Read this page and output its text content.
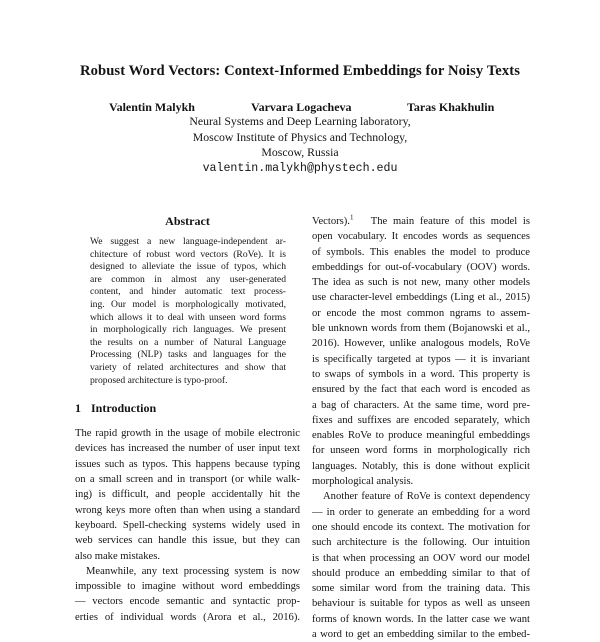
Robust Word Vectors: Context-Informed Embeddings for Noisy Texts
Valentin Malykh	Varvara Logacheva	Taras Khakhulin
Neural Systems and Deep Learning laboratory,
Moscow Institute of Physics and Technology,
Moscow, Russia
valentin.malykh@phystech.edu
Abstract
We suggest a new language-independent ar-
chitecture of robust word vectors (RoVe). It is
designed to alleviate the issue of typos, which
are common in almost any user-generated
content, and hinder automatic text process-
ing. Our model is morphologically motivated,
which allows it to deal with unseen word forms
in morphologically rich languages. We present
the results on a number of Natural Language
Processing (NLP) tasks and languages for the
variety of related architectures and show that
proposed architecture is typo-proof.
1 Introduction
The rapid growth in the usage of mobile electronic
devices has increased the number of user input text
issues such as typos. This happens because typing
on a small screen and in transport (or while walk-
ing) is difficult, and people accidentally hit the
wrong keys more often than when using a standard
keyboard. Spell-checking systems widely used in
web services can handle this issue, but they can
also make mistakes.
Meanwhile, any text processing system is now
impossible to imagine without word embeddings
— vectors encode semantic and syntactic prop-
erties of individual words (Arora et al., 2016).
Vectors).$^1$ The main feature of this model is
open vocabulary. It encodes words as sequences
of symbols. This enables the model to produce
embeddings for out-of-vocabulary (OOV) words.
The idea as such is not new, many other models
use character-level embeddings (Ling et al., 2015)
or encode the most common ngrams to assem-
ble unknown words from them (Bojanowski et al.,
2016). However, unlike analogous models, RoVe
is specifically targeted at typos — it is invariant
to swaps of symbols in a word. This property is
ensured by the fact that each word is encoded as
a bag of characters. At the same time, word pre-
fixes and suffixes are encoded separately, which
enables RoVe to produce meaningful embeddings
for unseen word forms in morphologically rich
languages. Notably, this is done without explicit
morphological analysis.
Another feature of RoVe is context dependency
— in order to generate an embedding for a word
one should encode its context. The motivation for
such architecture is the following. Our intuition
is that when processing an OOV word our model
should produce an embedding similar to that of
some similar word from the training data. This
behaviour is suitable for typos as well as unseen
forms of known words. In the latter case we want
a word to get an embedding similar to the embed-
